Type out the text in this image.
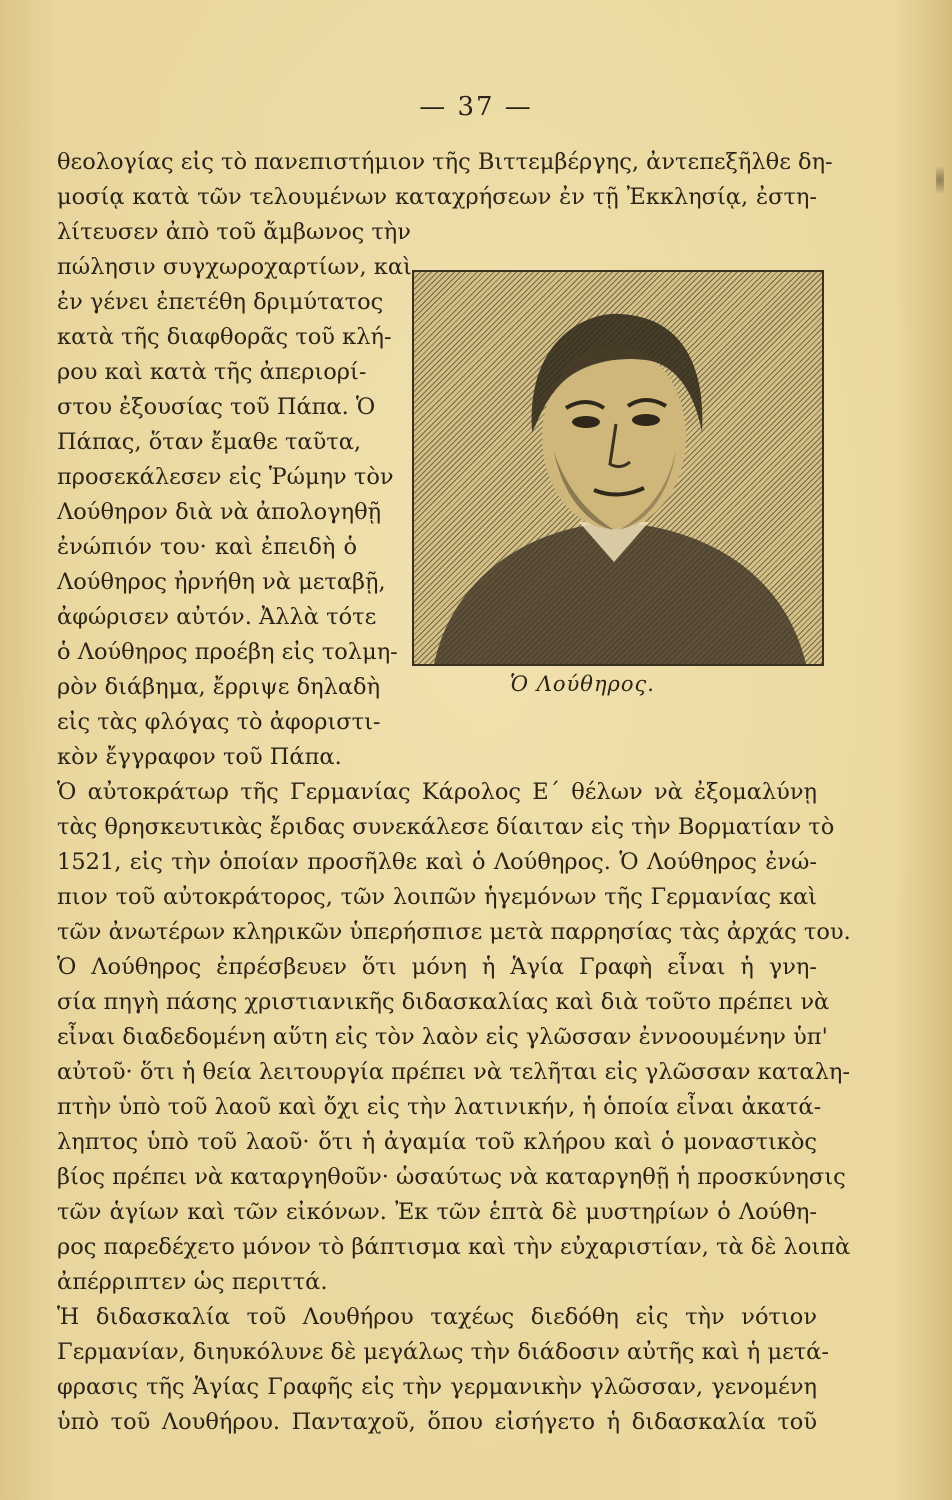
— 37 —

θεολογίας εἰς τὸ πανεπιστήμιον τῆς Βιττεμβέργης, ἀντεπεξῆλθε δη-

μοσίᾳ κατὰ τῶν τελουμένων καταχρήσεων ἐν τῇ Ἐκκλησίᾳ, ἐστη-

λίτευσεν ἀπὸ τοῦ ἄμβωνος τὴν

πώλησιν συγχωροχαρτίων, καὶ

ἐν γένει ἐπετέθη δριμύτατος

κατὰ τῆς διαφθορᾶς τοῦ κλή-

ρου καὶ κατὰ τῆς ἀπεριορί-

στου ἐξουσίας τοῦ Πάπα. Ὁ

Πάπας, ὅταν ἔμαθε ταῦτα,

προσεκάλεσεν εἰς Ῥώμην τὸν

Λούθηρον διὰ νὰ ἀπολογηθῇ

ἐνώπιόν του· καὶ ἐπειδὴ ὁ

Λούθηρος ἠρνήθη νὰ μεταβῇ,

ἀφώρισεν αὐτόν. Ἀλλὰ τότε

ὁ Λούθηρος προέβη εἰς τολμη-

ρὸν διάβημα, ἔρριψε δηλαδὴ

εἰς τὰς φλόγας τὸ ἀφοριστι-

κὸν ἔγγραφον τοῦ Πάπα.

Ὁ Λούθηρος.

Ὁ αὐτοκράτωρ τῆς Γερμανίας Κάρολος Ε΄ θέλων νὰ ἐξομαλύνῃ

τὰς θρησκευτικὰς ἔριδας συνεκάλεσε δίαιταν εἰς τὴν Βορματίαν τὸ

1521, εἰς τὴν ὁποίαν προσῆλθε καὶ ὁ Λούθηρος. Ὁ Λούθηρος ἐνώ-

πιον τοῦ αὐτοκράτορος, τῶν λοιπῶν ἡγεμόνων τῆς Γερμανίας καὶ

τῶν ἀνωτέρων κληρικῶν ὑπερήσπισε μετὰ παρρησίας τὰς ἀρχάς του.

Ὁ Λούθηρος ἐπρέσβευεν ὅτι μόνη ἡ Ἁγία Γραφὴ εἶναι ἡ γνη-

σία πηγὴ πάσης χριστιανικῆς διδασκαλίας καὶ διὰ τοῦτο πρέπει νὰ

εἶναι διαδεδομένη αὕτη εἰς τὸν λαὸν εἰς γλῶσσαν ἐννοουμένην ὑπ'

αὐτοῦ· ὅτι ἡ θεία λειτουργία πρέπει νὰ τελῆται εἰς γλῶσσαν καταλη-

πτὴν ὑπὸ τοῦ λαοῦ καὶ ὄχι εἰς τὴν λατινικήν, ἡ ὁποία εἶναι ἀκατά-

ληπτος ὑπὸ τοῦ λαοῦ· ὅτι ἡ ἀγαμία τοῦ κλήρου καὶ ὁ μοναστικὸς

βίος πρέπει νὰ καταργηθοῦν· ὡσαύτως νὰ καταργηθῇ ἡ προσκύνησις

τῶν ἁγίων καὶ τῶν εἰκόνων. Ἐκ τῶν ἑπτὰ δὲ μυστηρίων ὁ Λούθη-

ρος παρεδέχετο μόνον τὸ βάπτισμα καὶ τὴν εὐχαριστίαν, τὰ δὲ λοιπὰ

ἀπέρριπτεν ὡς περιττά.

Ἡ διδασκαλία τοῦ Λουθήρου ταχέως διεδόθη εἰς τὴν νότιον

Γερμανίαν, διηυκόλυνε δὲ μεγάλως τὴν διάδοσιν αὐτῆς καὶ ἡ μετά-

φρασις τῆς Ἁγίας Γραφῆς εἰς τὴν γερμανικὴν γλῶσσαν, γενομένη

ὑπὸ τοῦ Λουθήρου. Πανταχοῦ, ὅπου εἰσήγετο ἡ διδασκαλία τοῦ
